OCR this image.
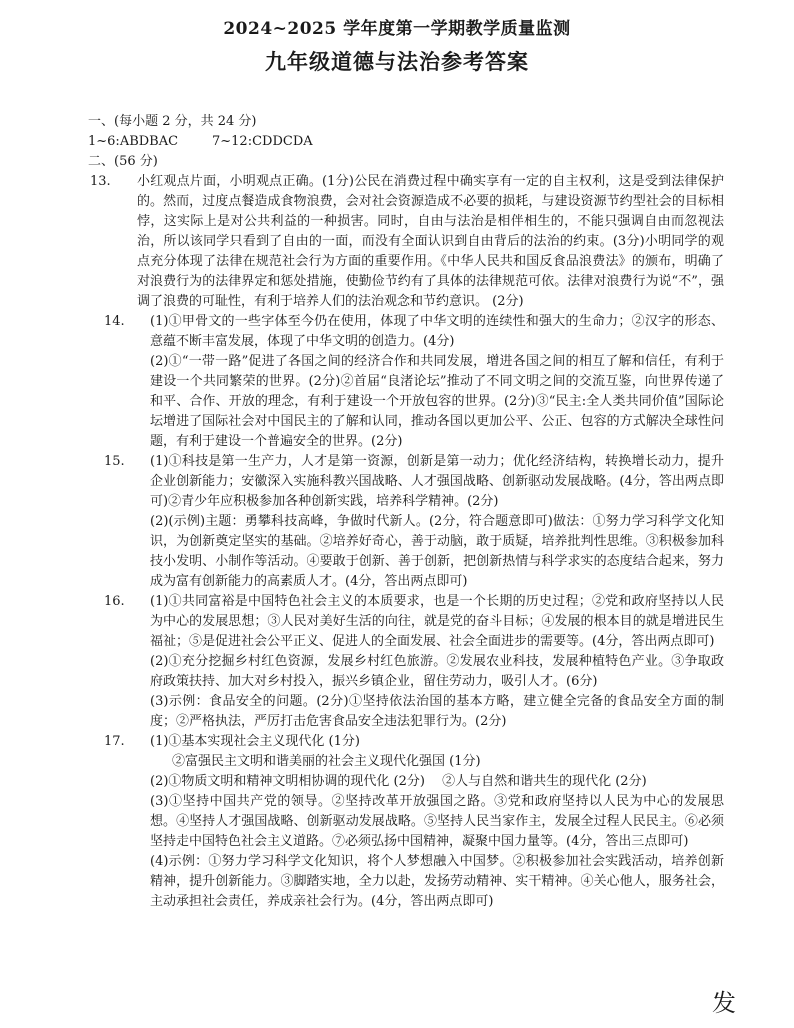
2024~2025 学年度第一学期教学质量监测
九年级道德与法治参考答案
一、(每小题 2 分，共 24 分)
1~6:ABDBAC	7~12:CDDCDA
二、(56 分)
13. 小红观点片面，小明观点正确。(1分)公民在消费过程中确实享有一定的自主权利，这是受到法律保护的。然而，过度点餐造成食物浪费，会对社会资源造成不必要的损耗，与建设资源节约型社会的目标相悖，这实际上是对公共利益的一种损害。同时，自由与法治是相伴相生的，不能只强调自由而忽视法治，所以该同学只看到了自由的一面，而没有全面认识到自由背后的法治的约束。(3分)小明同学的观点充分体现了法律在规范社会行为方面的重要作用。《中华人民共和国反食品浪费法》的颁布，明确了对浪费行为的法律界定和惩处措施，使勤俭节约有了具体的法律规范可依。法律对浪费行为说“不”，强调了浪费的可耻性，有利于培养人们的法治观念和节约意识。 (2分)
14. (1)①甲骨文的一些字体至今仍在使用，体现了中华文明的连续性和强大的生命力；②汉字的形态、意蕴不断丰富发展，体现了中华文明的创造力。(4分)
(2)①“一带一路”促进了各国之间的经济合作和共同发展，增进各国之间的相互了解和信任，有利于建设一个共同繁荣的世界。(2分)②首届“良渚论坛”推动了不同文明之间的交流互鉴，向世界传递了和平、合作、开放的理念，有利于建设一个开放包容的世界。(2分)③“民主:全人类共同价值”国际论坛增进了国际社会对中国民主的了解和认同，推动各国以更加公平、公正、包容的方式解决全球性问题，有利于建设一个普遍安全的世界。(2分)
15. (1)①科技是第一生产力，人才是第一资源，创新是第一动力；优化经济结构，转换增长动力，提升企业创新能力；安徽深入实施科教兴国战略、人才强国战略、创新驱动发展战略。(4分，答出两点即可)②青少年应积极参加各种创新实践，培养科学精神。(2分)
(2)(示例)主题：勇攀科技高峰，争做时代新人。(2分，符合题意即可)做法：①努力学习科学文化知识，为创新奠定坚实的基础。②培养好奇心，善于动脑，敢于质疑，培养批判性思维。③积极参加科技小发明、小制作等活动。④要敢于创新、善于创新，把创新热情与科学求实的态度结合起来，努力成为富有创新能力的高素质人才。(4分，答出两点即可)
16. (1)①共同富裕是中国特色社会主义的本质要求，也是一个长期的历史过程；②党和政府坚持以人民为中心的发展思想；③人民对美好生活的向往，就是党的奋斗目标；④发展的根本目的就是增进民生福祉；⑤是促进社会公平正义、促进人的全面发展、社会全面进步的需要等。(4分，答出两点即可)
(2)①充分挖掘乡村红色资源，发展乡村红色旅游。②发展农业科技，发展种植特色产业。③争取政府政策扶持、加大对乡村投入，振兴乡镇企业，留住劳动力，吸引人才。(6分)
(3)示例：食品安全的问题。(2分)①坚持依法治国的基本方略，建立健全完备的食品安全方面的制度；②严格执法，严厉打击危害食品安全违法犯罪行为。(2分)
17. (1)①基本实现社会主义现代化 (1分)
②富强民主文明和谐美丽的社会主义现代化强国 (1分)
(2)①物质文明和精神文明相协调的现代化 (2分)　 ②人与自然和谐共生的现代化 (2分)
(3)①坚持中国共产党的领导。②坚持改革开放强国之路。③党和政府坚持以人民为中心的发展思想。④坚持人才强国战略、创新驱动发展战略。⑤坚持人民当家作主，发展全过程人民民主。⑥必须坚持走中国特色社会主义道路。⑦必须弘扬中国精神，凝聚中国力量等。(4分，答出三点即可)
(4)示例：①努力学习科学文化知识，将个人梦想融入中国梦。②积极参加社会实践活动，培养创新精神，提升创新能力。③脚踏实地，全力以赴，发扬劳动精神、实干精神。④关心他人，服务社会，主动承担社会责任，养成亲社会行为。(4分，答出两点即可)
发
